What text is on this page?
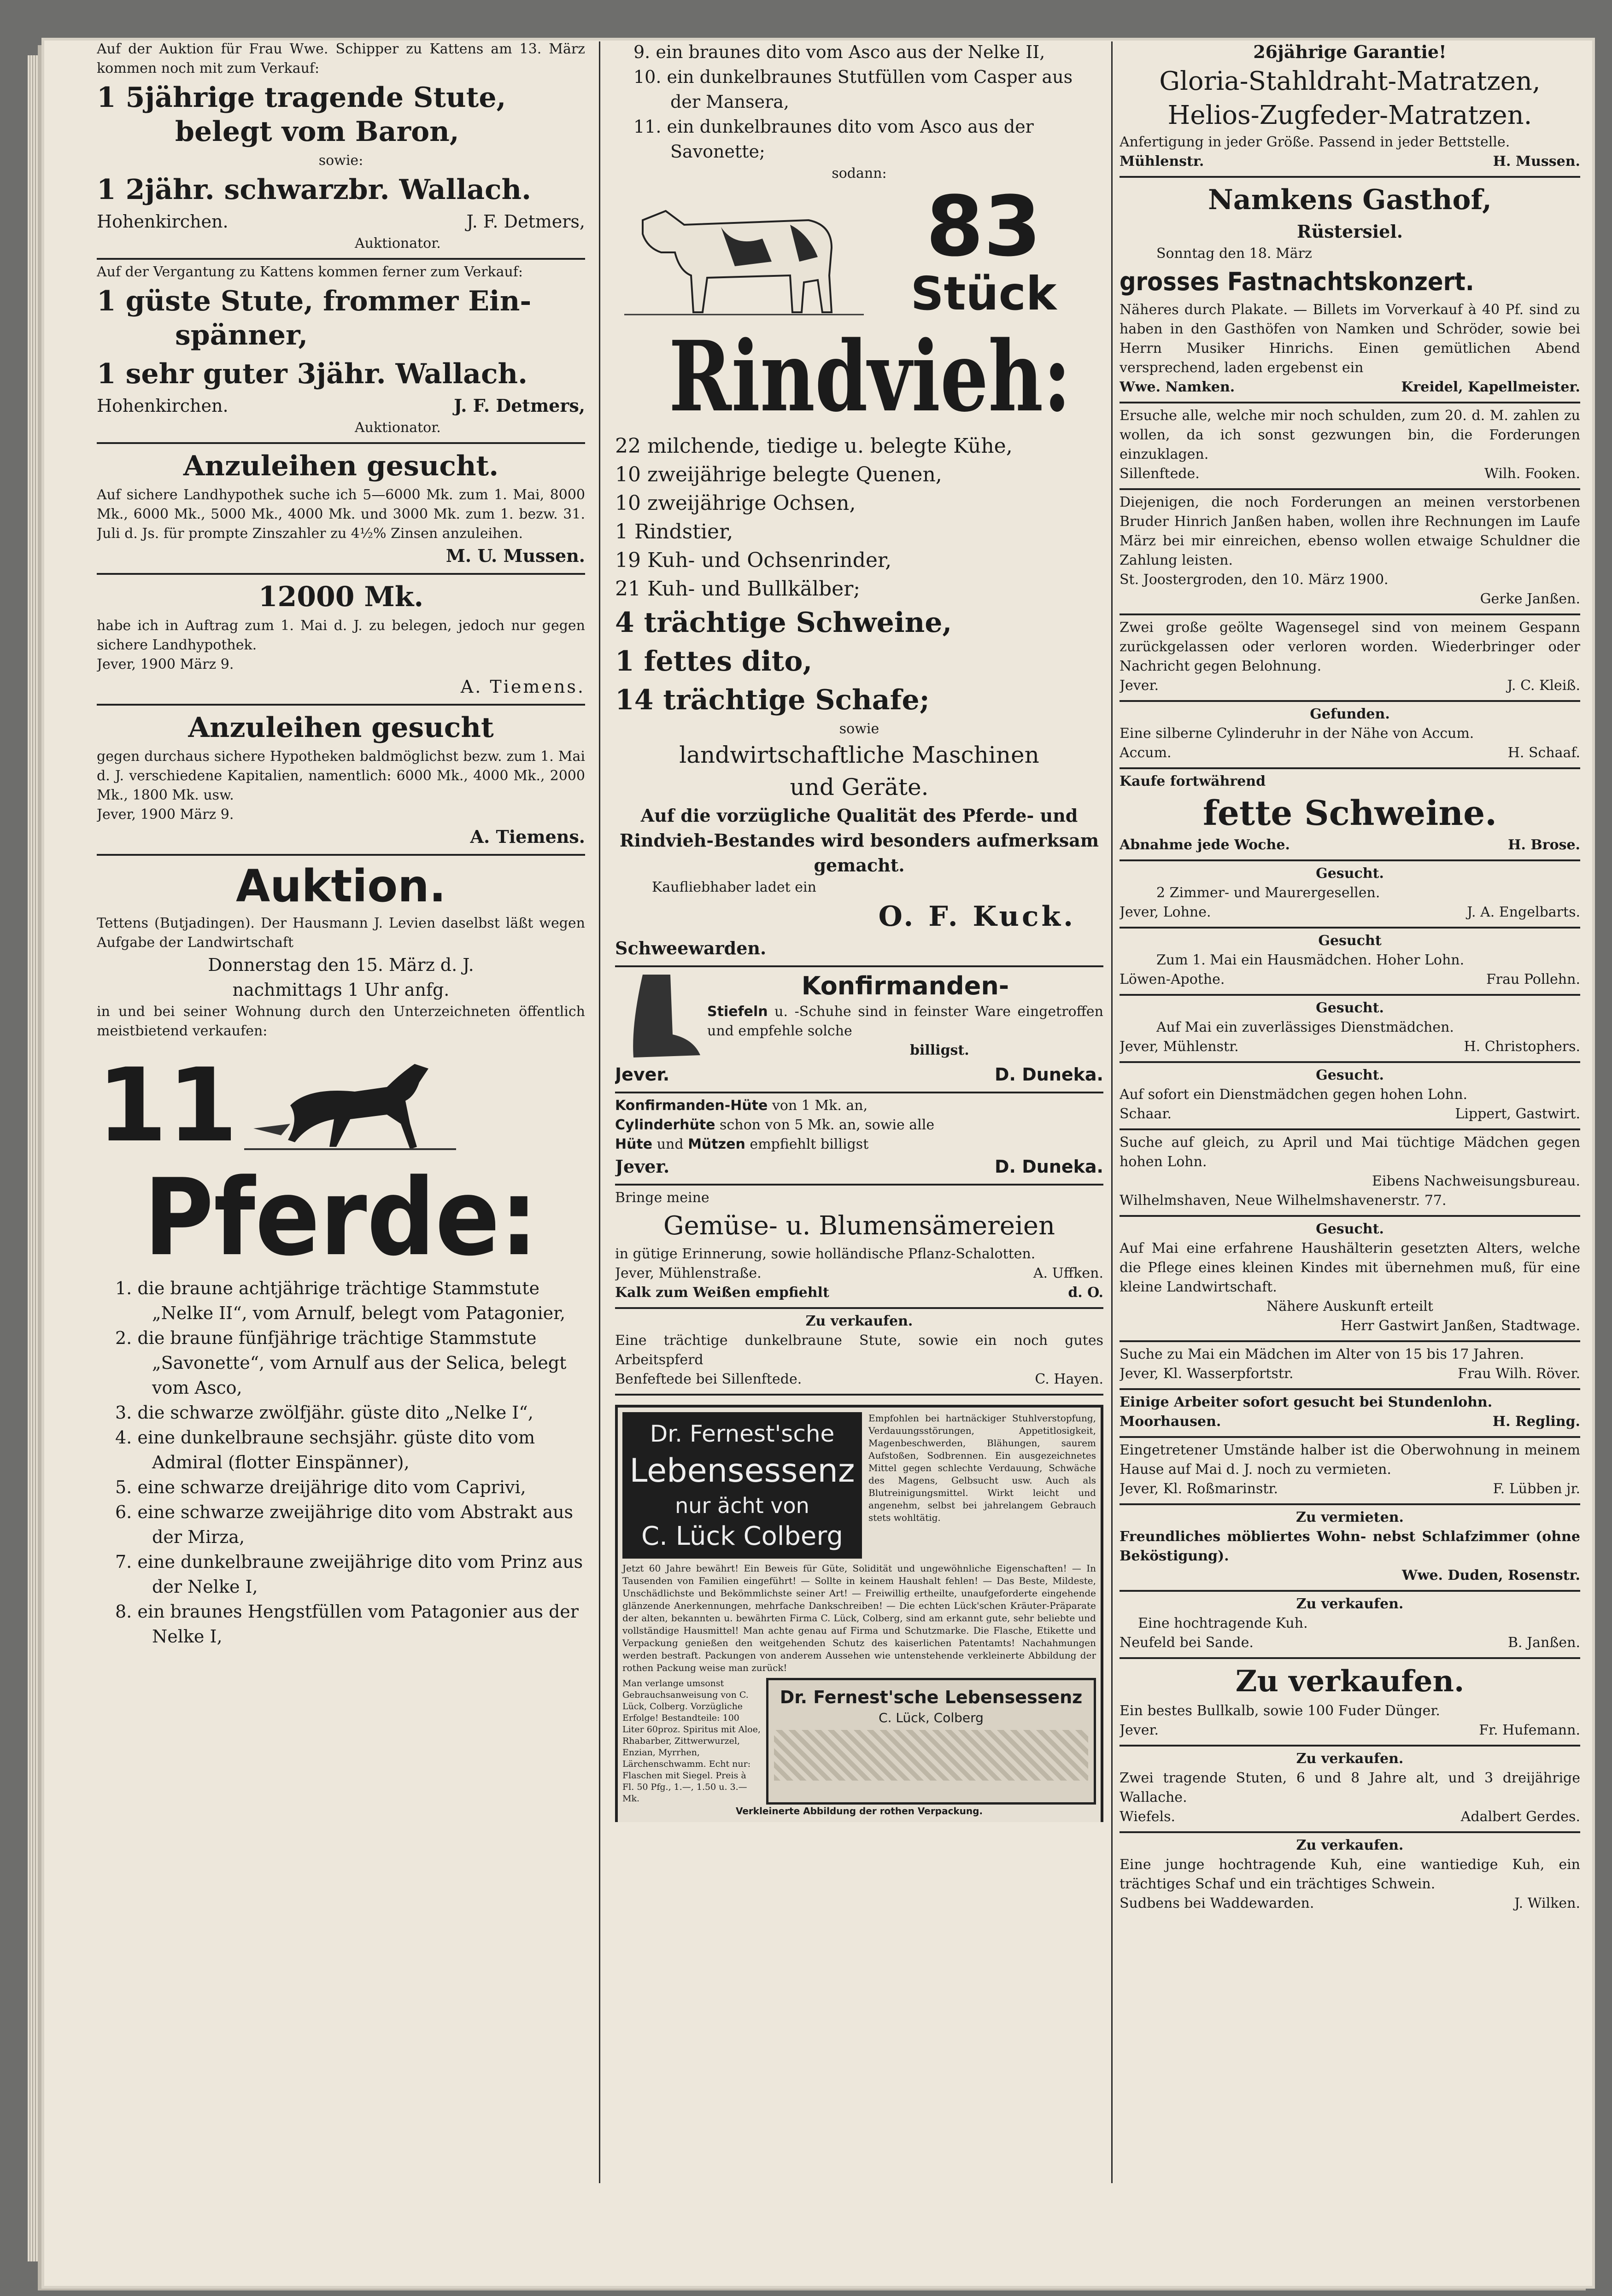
Auf der Auktion für Frau Wwe. Schipper zu Kattens am 13. März kommen noch mit zum Verkauf:
1 5jährige tragende Stute,
belegt vom Baron,
sowie:
1 2jähr. schwarzbr. Wallach.
Hohenkirchen.	J. F. Detmers,
Auktionator.
Auf der Vergantung zu Kattens kommen ferner zum Verkauf:
1 güste Stute, frommer Ein-
spänner,
1 sehr guter 3jähr. Wallach.
Hohenkirchen.	J. F. Detmers,
Auktionator.
Anzuleihen gesucht.
Auf sichere Landhypothek suche ich 5—6000 Mk. zum 1. Mai, 8000 Mk., 6000 Mk., 5000 Mk., 4000 Mk. und 3000 Mk. zum 1. bezw. 31. Juli d. Js. für prompte Zinszahler zu 4½% Zinsen anzuleihen.
M. U. Mussen.
12000 Mk.
habe ich in Auftrag zum 1. Mai d. J. zu belegen, jedoch nur gegen sichere Landhypothek.
Jever, 1900 März 9.
A. Tiemens.
Anzuleihen gesucht
gegen durchaus sichere Hypotheken baldmöglichst bezw. zum 1. Mai d. J. verschiedene Kapitalien, namentlich: 6000 Mk., 4000 Mk., 2000 Mk., 1800 Mk. usw.
Jever, 1900 März 9.
A. Tiemens.
Auktion.
Tettens (Butjadingen). Der Hausmann J. Levien daselbst läßt wegen Aufgabe der Landwirtschaft
Donnerstag den 15. März d. J.
nachmittags 1 Uhr anfg.
in und bei seiner Wohnung durch den Unterzeichneten öffentlich meistbietend verkaufen:
11
Pferde:
1. die braune achtjährige trächtige Stammstute „Nelke II“, vom Arnulf, belegt vom Patagonier,
2. die braune fünfjährige trächtige Stammstute „Savonette“, vom Arnulf aus der Selica, belegt vom Asco,
3. die schwarze zwölfjähr. güste dito „Nelke I“,
4. eine dunkelbraune sechsjähr. güste dito vom Admiral (flotter Einspänner),
5. eine schwarze dreijährige dito vom Caprivi,
6. eine schwarze zweijährige dito vom Abstrakt aus der Mirza,
7. eine dunkelbraune zweijährige dito vom Prinz aus der Nelke I,
8. ein braunes Hengstfüllen vom Patagonier aus der Nelke I,
9. ein braunes dito vom Asco aus der Nelke II,
10. ein dunkelbraunes Stutfüllen vom Casper aus der Mansera,
11. ein dunkelbraunes dito vom Asco aus der Savonette;
sodann:
83
Stück
Rindvieh:
22 milchende, tiedige u. belegte Kühe,
10 zweijährige belegte Quenen,
10 zweijährige Ochsen,
1 Rindstier,
19 Kuh- und Ochsenrinder,
21 Kuh- und Bullkälber;
4 trächtige Schweine,
1 fettes dito,
14 trächtige Schafe;
sowie
landwirtschaftliche Maschinen
und Geräte.
Auf die vorzügliche Qualität des Pferde- und Rindvieh-Bestandes wird besonders aufmerksam gemacht.
Kaufliebhaber ladet ein
O. F. Kuck.
Schweewarden.
Konfirmanden-
Stiefeln u. -Schuhe sind in feinster Ware eingetroffen und empfehle solche
billigst.
Jever.	D. Duneka.
Konfirmanden-Hüte von 1 Mk. an,
Cylinderhüte schon von 5 Mk. an, sowie alle
Hüte und Mützen empfiehlt billigst
Jever.	D. Duneka.
Bringe meine
Gemüse- u. Blumensämereien
in gütige Erinnerung, sowie holländische Pflanz-Schalotten.
Jever, Mühlenstraße.	A. Uffken.
Kalk zum Weißen empfiehlt	d. O.
Zu verkaufen.
Eine trächtige dunkelbraune Stute, sowie ein noch gutes Arbeitspferd
Benfeftede bei Sillenftede.	C. Hayen.
Dr. Fernest'sche
Lebensessenz
nur ächt von
C. Lück Colberg
Empfohlen bei hartnäckiger Stuhlverstopfung, Verdauungsstörungen, Appetitlosigkeit, Magenbeschwerden, Blähungen, saurem Aufstoßen, Sodbrennen. Ein ausgezeichnetes Mittel gegen schlechte Verdauung, Schwäche des Magens, Gelbsucht usw. Auch als Blutreinigungsmittel. Wirkt leicht und angenehm, selbst bei jahrelangem Gebrauch stets wohltätig.
Jetzt 60 Jahre bewährt! Ein Beweis für Güte, Solidität und ungewöhnliche Eigenschaften! — In Tausenden von Familien eingeführt! — Sollte in keinem Haushalt fehlen! — Das Beste, Mildeste, Unschädlichste und Bekömmlichste seiner Art! — Freiwillig ertheilte, unaufgeforderte eingehende glänzende Anerkennungen, mehrfache Dankschreiben! — Die echten Lück'schen Kräuter-Präparate der alten, bekannten u. bewährten Firma C. Lück, Colberg, sind am erkannt gute, sehr beliebte und vollständige Hausmittel! Man achte genau auf Firma und Schutzmarke. Die Flasche, Etikette und Verpackung genießen den weitgehenden Schutz des kaiserlichen Patentamts! Nachahmungen werden bestraft. Packungen von anderem Aussehen wie untenstehende verkleinerte Abbildung der rothen Packung weise man zurück!
Man verlange umsonst Gebrauchsanweisung von C. Lück, Colberg. Vorzügliche Erfolge! Bestandteile: 100 Liter 60proz. Spiritus mit Aloe, Rhabarber, Zittwerwurzel, Enzian, Myrrhen, Lärchenschwamm. Echt nur: Flaschen mit Siegel. Preis à Fl. 50 Pfg., 1.—, 1.50 u. 3.— Mk.
Dr. Fernest'sche Lebensessenz
C. Lück, Colberg
Verkleinerte Abbildung der rothen Verpackung.
26jährige Garantie!
Gloria-Stahldraht-Matratzen,
Helios-Zugfeder-Matratzen.
Anfertigung in jeder Größe. Passend in jeder Bettstelle.
Mühlenstr.	H. Mussen.
Namkens Gasthof,
Rüstersiel.
Sonntag den 18. März
grosses Fastnachtskonzert.
Näheres durch Plakate. — Billets im Vorverkauf à 40 Pf. sind zu haben in den Gasthöfen von Namken und Schröder, sowie bei Herrn Musiker Hinrichs. Einen gemütlichen Abend versprechend, laden ergebenst ein
Wwe. Namken.	Kreidel, Kapellmeister.
Ersuche alle, welche mir noch schulden, zum 20. d. M. zahlen zu wollen, da ich sonst gezwungen bin, die Forderungen einzuklagen.
Sillenftede.	Wilh. Fooken.
Diejenigen, die noch Forderungen an meinen verstorbenen Bruder Hinrich Janßen haben, wollen ihre Rechnungen im Laufe März bei mir einreichen, ebenso wollen etwaige Schuldner die Zahlung leisten.
St. Joostergroden, den 10. März 1900.
Gerke Janßen.
Zwei große geölte Wagensegel sind von meinem Gespann zurückgelassen oder verloren worden. Wiederbringer oder Nachricht gegen Belohnung.
Jever.	J. C. Kleiß.
Gefunden.
Eine silberne Cylinderuhr in der Nähe von Accum.
Accum.	H. Schaaf.
Kaufe fortwährend
fette Schweine.
Abnahme jede Woche.	H. Brose.
Gesucht.
2 Zimmer- und Maurergesellen.
Jever, Lohne.	J. A. Engelbarts.
Gesucht
Zum 1. Mai ein Hausmädchen. Hoher Lohn.
Löwen-Apothe.	Frau Pollehn.
Gesucht.
Auf Mai ein zuverlässiges Dienstmädchen.
Jever, Mühlenstr.	H. Christophers.
Gesucht.
Auf sofort ein Dienstmädchen gegen hohen Lohn.
Schaar.	Lippert, Gastwirt.
Suche auf gleich, zu April und Mai tüchtige Mädchen gegen hohen Lohn.
Eibens Nachweisungsbureau.
Wilhelmshaven, Neue Wilhelmshavenerstr. 77.
Gesucht.
Auf Mai eine erfahrene Haushälterin gesetzten Alters, welche die Pflege eines kleinen Kindes mit übernehmen muß, für eine kleine Landwirtschaft.
Nähere Auskunft erteilt
Herr Gastwirt Janßen, Stadtwage.
Suche zu Mai ein Mädchen im Alter von 15 bis 17 Jahren.
Jever, Kl. Wasserpfortstr.	Frau Wilh. Röver.
Einige Arbeiter sofort gesucht bei Stundenlohn.
Moorhausen.	H. Regling.
Eingetretener Umstände halber ist die Oberwohnung in meinem Hause auf Mai d. J. noch zu vermieten.
Jever, Kl. Roßmarinstr.	F. Lübben jr.
Zu vermieten.
Freundliches möbliertes Wohn- nebst Schlafzimmer (ohne Beköstigung).
Wwe. Duden, Rosenstr.
Zu verkaufen.
Eine hochtragende Kuh.
Neufeld bei Sande.	B. Janßen.
Zu verkaufen.
Ein bestes Bullkalb, sowie 100 Fuder Dünger.
Jever.	Fr. Hufemann.
Zu verkaufen.
Zwei tragende Stuten, 6 und 8 Jahre alt, und 3 dreijährige Wallache.
Wiefels.	Adalbert Gerdes.
Zu verkaufen.
Eine junge hochtragende Kuh, eine wantiedige Kuh, ein trächtiges Schaf und ein trächtiges Schwein.
Sudbens bei Waddewarden.	J. Wilken.
